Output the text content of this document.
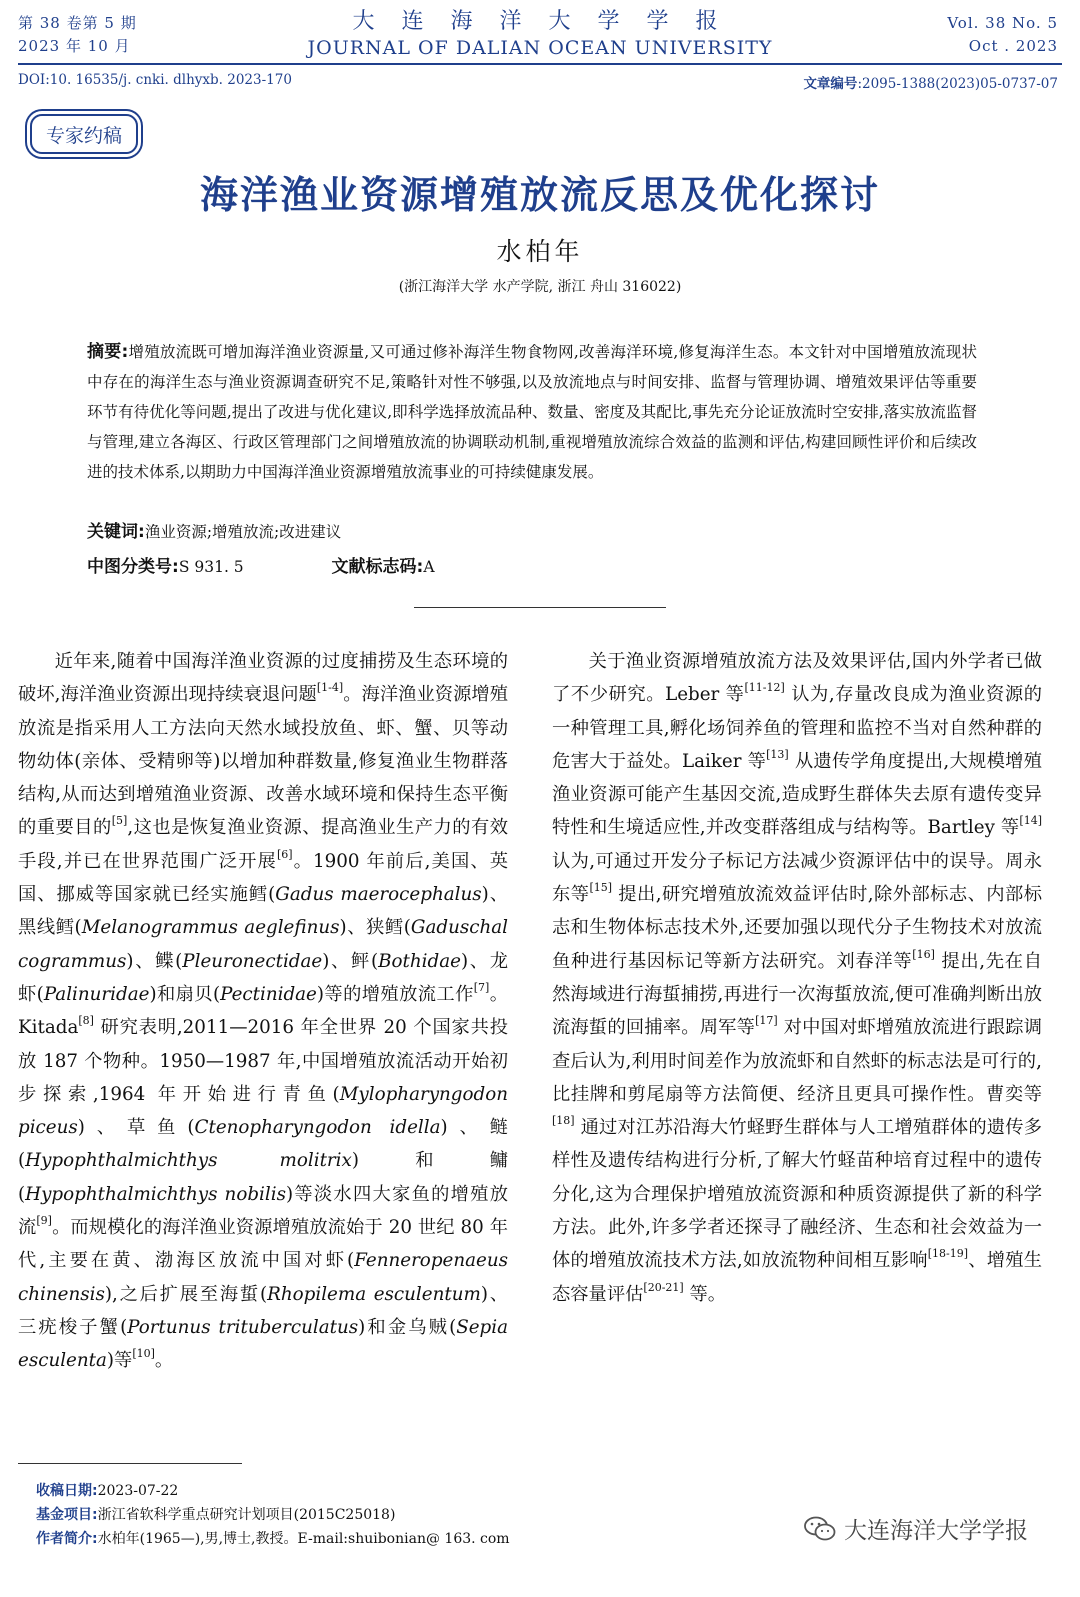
第 38 卷第 5 期
2023 年 10 月
大 连 海 洋 大 学 学 报
JOURNAL OF DALIAN OCEAN UNIVERSITY
Vol. 38 No. 5
Oct . 2023
DOI:10. 16535/j. cnki. dlhyxb. 2023-170	文章编号:2095-1388(2023)05-0737-07
专家约稿
海洋渔业资源增殖放流反思及优化探讨
水柏年
(浙江海洋大学 水产学院, 浙江 舟山 316022)
摘要:增殖放流既可增加海洋渔业资源量,又可通过修补海洋生物食物网,改善海洋环境,修复海洋生态。本文针对中国增殖放流现状中存在的海洋生态与渔业资源调查研究不足,策略针对性不够强,以及放流地点与时间安排、监督与管理协调、增殖效果评估等重要环节有待优化等问题,提出了改进与优化建议,即科学选择放流品种、数量、密度及其配比,事先充分论证放流时空安排,落实放流监督与管理,建立各海区、行政区管理部门之间增殖放流的协调联动机制,重视增殖放流综合效益的监测和评估,构建回顾性评价和后续改进的技术体系,以期助力中国海洋渔业资源增殖放流事业的可持续健康发展。
关键词:渔业资源;增殖放流;改进建议
中图分类号:S 931. 5	文献标志码:A

近年来,随着中国海洋渔业资源的过度捕捞及生态环境的破坏,海洋渔业资源出现持续衰退问题[1-4]。海洋渔业资源增殖放流是指采用人工方法向天然水域投放鱼、虾、蟹、贝等动物幼体(亲体、受精卵等)以增加种群数量,修复渔业生物群落结构,从而达到增殖渔业资源、改善水域环境和保持生态平衡的重要目的[5],这也是恢复渔业资源、提高渔业生产力的有效手段,并已在世界范围广泛开展[6]。1900 年前后,美国、英国、挪威等国家就已经实施鳕(Gadus maerocephalus)、黑线鳕(Melanogrammus aeglefinus)、狭鳕(Gaduschal cogrammus)、鲽(Pleuronectidae)、鲆(Bothidae)、龙虾(Palinuridae)和扇贝(Pectinidae)等的增殖放流工作[7]。Kitada[8] 研究表明,2011—2016 年全世界 20 个国家共投放 187 个物种。1950—1987 年,中国增殖放流活动开始初步探索,1964 年开始进行青鱼(Mylopharyngodon piceus)、草鱼(Ctenopharyngodon idella)、鲢(Hypophthalmichthys molitrix)和鳙(Hypophthalmichthys nobilis)等淡水四大家鱼的增殖放流[9]。而规模化的海洋渔业资源增殖放流始于 20 世纪 80 年代,主要在黄、渤海区放流中国对虾(Fenneropenaeus chinensis),之后扩展至海蜇(Rhopilema esculentum)、三疣梭子蟹(Portunus trituberculatus)和金乌贼(Sepia esculenta)等[10]。

关于渔业资源增殖放流方法及效果评估,国内外学者已做了不少研究。Leber 等[11-12] 认为,存量改良成为渔业资源的一种管理工具,孵化场饲养鱼的管理和监控不当对自然种群的危害大于益处。Laiker 等[13] 从遗传学角度提出,大规模增殖渔业资源可能产生基因交流,造成野生群体失去原有遗传变异特性和生境适应性,并改变群落组成与结构等。Bartley 等[14] 认为,可通过开发分子标记方法减少资源评估中的误导。周永东等[15] 提出,研究增殖放流效益评估时,除外部标志、内部标志和生物体标志技术外,还要加强以现代分子生物技术对放流鱼种进行基因标记等新方法研究。刘春洋等[16] 提出,先在自然海域进行海蜇捕捞,再进行一次海蜇放流,便可准确判断出放流海蜇的回捕率。周军等[17] 对中国对虾增殖放流进行跟踪调查后认为,利用时间差作为放流虾和自然虾的标志法是可行的,比挂牌和剪尾扇等方法简便、经济且更具可操作性。曹奕等[18] 通过对江苏沿海大竹蛏野生群体与人工增殖群体的遗传多样性及遗传结构进行分析,了解大竹蛏苗种培育过程中的遗传分化,这为合理保护增殖放流资源和种质资源提供了新的科学方法。此外,许多学者还探寻了融经济、生态和社会效益为一体的增殖放流技术方法,如放流物种间相互影响[18-19]、增殖生态容量评估[20-21] 等。

收稿日期:2023-07-22
基金项目:浙江省软科学重点研究计划项目(2015C25018)
作者简介:水柏年(1965—),男,博士,教授。E-mail:shuibonian@ 163. com	大连海洋大学学报
